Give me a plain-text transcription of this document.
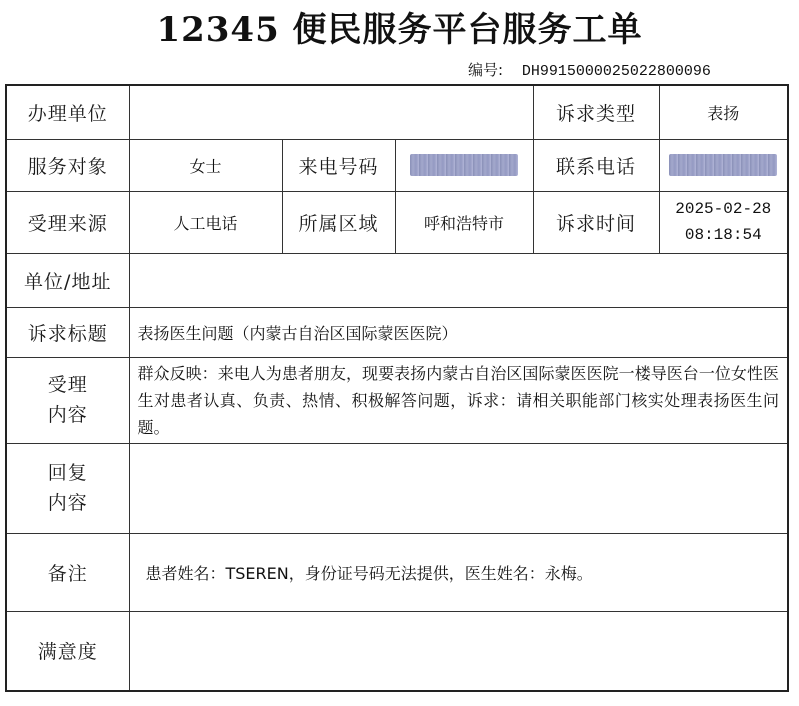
12345 便民服务平台服务工单
编号: DH9915000025022800096
办理单位				诉求类型	表扬
服务对象	女士	来电号码		联系电话	
受理来源	人工电话	所属区域	呼和浩特市	诉求时间	2025-02-28
08:18:54

单位/地址					
诉求标题	表扬医生问题（内蒙古自治区国际蒙医医院）				

受理
内容	群众反映：来电人为患者朋友，现要表扬内蒙古自治区国际蒙医医院一楼导医台一位女性医生对患者认真、负责、热情、积极解答问题，诉求：请相关职能部门核实处理表扬医生问题。				

回复
内容					

备注	患者姓名：TSEREN，身份证号码无法提供，医生姓名：永梅。				
满意度					
